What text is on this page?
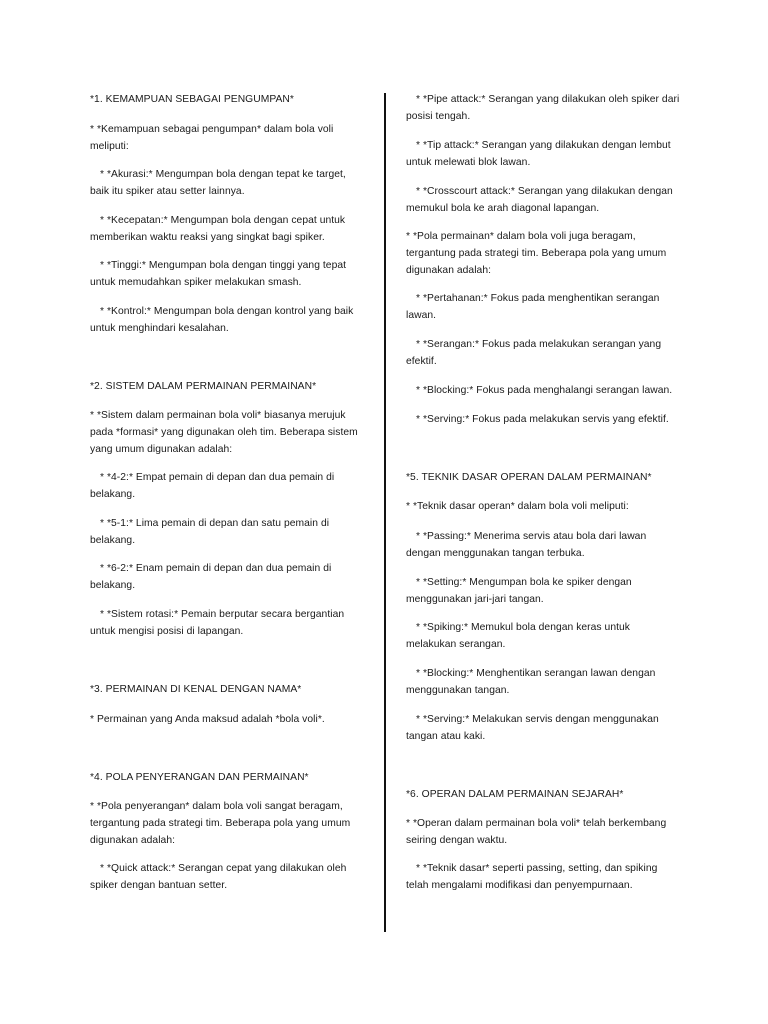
*1. KEMAMPUAN SEBAGAI PENGUMPAN*

* *Kemampuan sebagai pengumpan* dalam bola voli meliputi:

* *Akurasi:* Mengumpan bola dengan tepat ke target, baik itu spiker atau setter lainnya.

* *Kecepatan:* Mengumpan bola dengan cepat untuk memberikan waktu reaksi yang singkat bagi spiker.

* *Tinggi:* Mengumpan bola dengan tinggi yang tepat untuk memudahkan spiker melakukan smash.

* *Kontrol:* Mengumpan bola dengan kontrol yang baik untuk menghindari kesalahan.

*2. SISTEM DALAM PERMAINAN PERMAINAN*

* *Sistem dalam permainan bola voli* biasanya merujuk pada *formasi* yang digunakan oleh tim. Beberapa sistem yang umum digunakan adalah:

* *4-2:* Empat pemain di depan dan dua pemain di belakang.

* *5-1:* Lima pemain di depan dan satu pemain di belakang.

* *6-2:* Enam pemain di depan dan dua pemain di belakang.

* *Sistem rotasi:* Pemain berputar secara bergantian untuk mengisi posisi di lapangan.

*3. PERMAINAN DI KENAL DENGAN NAMA*

* Permainan yang Anda maksud adalah *bola voli*.

*4. POLA PENYERANGAN DAN PERMAINAN*

* *Pola penyerangan* dalam bola voli sangat beragam, tergantung pada strategi tim. Beberapa pola yang umum digunakan adalah:

* *Quick attack:* Serangan cepat yang dilakukan oleh spiker dengan bantuan setter.

* *Pipe attack:* Serangan yang dilakukan oleh spiker dari posisi tengah.

* *Tip attack:* Serangan yang dilakukan dengan lembut untuk melewati blok lawan.

* *Crosscourt attack:* Serangan yang dilakukan dengan memukul bola ke arah diagonal lapangan.

* *Pola permainan* dalam bola voli juga beragam, tergantung pada strategi tim. Beberapa pola yang umum digunakan adalah:

* *Pertahanan:* Fokus pada menghentikan serangan lawan.

* *Serangan:* Fokus pada melakukan serangan yang efektif.

* *Blocking:* Fokus pada menghalangi serangan lawan.

* *Serving:* Fokus pada melakukan servis yang efektif.

*5. TEKNIK DASAR OPERAN DALAM PERMAINAN*

* *Teknik dasar operan* dalam bola voli meliputi:

* *Passing:* Menerima servis atau bola dari lawan dengan menggunakan tangan terbuka.

* *Setting:* Mengumpan bola ke spiker dengan menggunakan jari-jari tangan.

* *Spiking:* Memukul bola dengan keras untuk melakukan serangan.

* *Blocking:* Menghentikan serangan lawan dengan menggunakan tangan.

* *Serving:* Melakukan servis dengan menggunakan tangan atau kaki.

*6. OPERAN DALAM PERMAINAN SEJARAH*

* *Operan dalam permainan bola voli* telah berkembang seiring dengan waktu.

* *Teknik dasar* seperti passing, setting, dan spiking telah mengalami modifikasi dan penyempurnaan.
